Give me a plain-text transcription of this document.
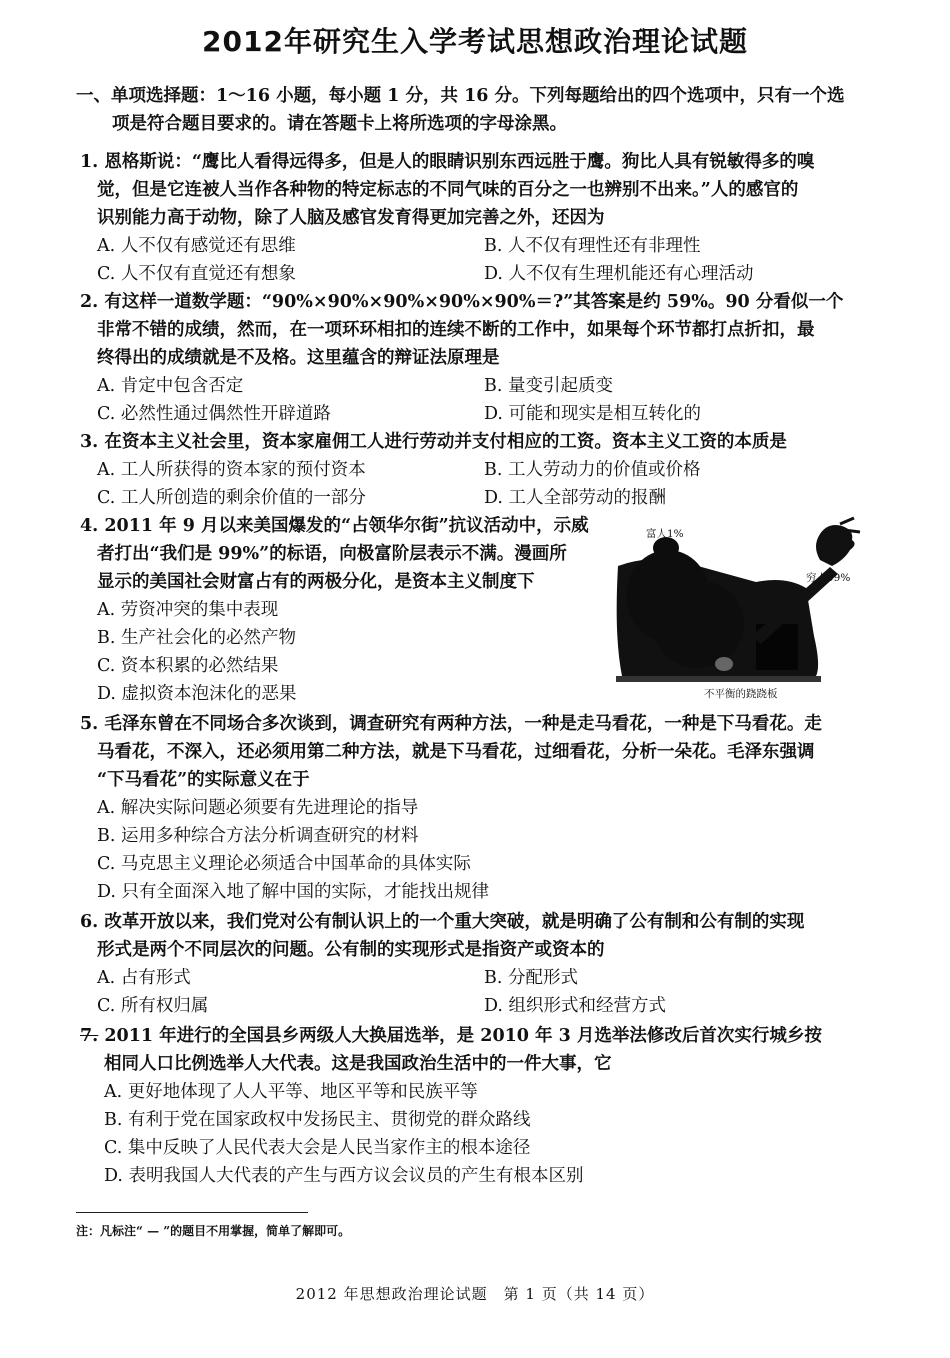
2012年研究生入学考试思想政治理论试题
一、单项选择题：1～16 小题，每小题 1 分，共 16 分。下列每题给出的四个选项中，只有一个选
项是符合题目要求的。请在答题卡上将所选项的字母涂黑。
1. 恩格斯说：“鹰比人看得远得多，但是人的眼睛识别东西远胜于鹰。狗比人具有锐敏得多的嗅
觉，但是它连被人当作各种物的特定标志的不同气味的百分之一也辨别不出来。”人的感官的
识别能力高于动物，除了人脑及感官发育得更加完善之外，还因为
A. 人不仅有感觉还有思维	B. 人不仅有理性还有非理性
C. 人不仅有直觉还有想象	D. 人不仅有生理机能还有心理活动
2. 有这样一道数学题：“90%×90%×90%×90%×90%＝?”其答案是约 59%。90 分看似一个
非常不错的成绩，然而，在一项环环相扣的连续不断的工作中，如果每个环节都打点折扣，最
终得出的成绩就是不及格。这里蕴含的辩证法原理是
A. 肯定中包含否定	B. 量变引起质变
C. 必然性通过偶然性开辟道路	D. 可能和现实是相互转化的
3. 在资本主义社会里，资本家雇佣工人进行劳动并支付相应的工资。资本主义工资的本质是
A. 工人所获得的资本家的预付资本	B. 工人劳动力的价值或价格
C. 工人所创造的剩余价值的一部分	D. 工人全部劳动的报酬
4. 2011 年 9 月以来美国爆发的“占领华尔街”抗议活动中，示威
者打出“我们是 99%”的标语，向极富阶层表示不满。漫画所
显示的美国社会财富占有的两极分化，是资本主义制度下
A. 劳资冲突的集中表现
B. 生产社会化的必然产物
C. 资本积累的必然结果
D. 虚拟资本泡沫化的恶果
富人1%
穷人99%
不平衡的跷跷板
5. 毛泽东曾在不同场合多次谈到，调查研究有两种方法，一种是走马看花，一种是下马看花。走
马看花，不深入，还必须用第二种方法，就是下马看花，过细看花，分析一朵花。毛泽东强调
“下马看花”的实际意义在于
A. 解决实际问题必须要有先进理论的指导
B. 运用多种综合方法分析调查研究的材料
C. 马克思主义理论必须适合中国革命的具体实际
D. 只有全面深入地了解中国的实际，才能找出规律
6. 改革开放以来，我们党对公有制认识上的一个重大突破，就是明确了公有制和公有制的实现
形式是两个不同层次的问题。公有制的实现形式是指资产或资本的
A. 占有形式	B. 分配形式
C. 所有权归属	D. 组织形式和经营方式
7. 2011 年进行的全国县乡两级人大换届选举，是 2010 年 3 月选举法修改后首次实行城乡按
相同人口比例选举人大代表。这是我国政治生活中的一件大事，它
A. 更好地体现了人人平等、地区平等和民族平等
B. 有利于党在国家政权中发扬民主、贯彻党的群众路线
C. 集中反映了人民代表大会是人民当家作主的根本途径
D. 表明我国人大代表的产生与西方议会议员的产生有根本区别
注：凡标注“ — ”的题目不用掌握，简单了解即可。
2012 年思想政治理论试题　第 1 页（共 14 页）
